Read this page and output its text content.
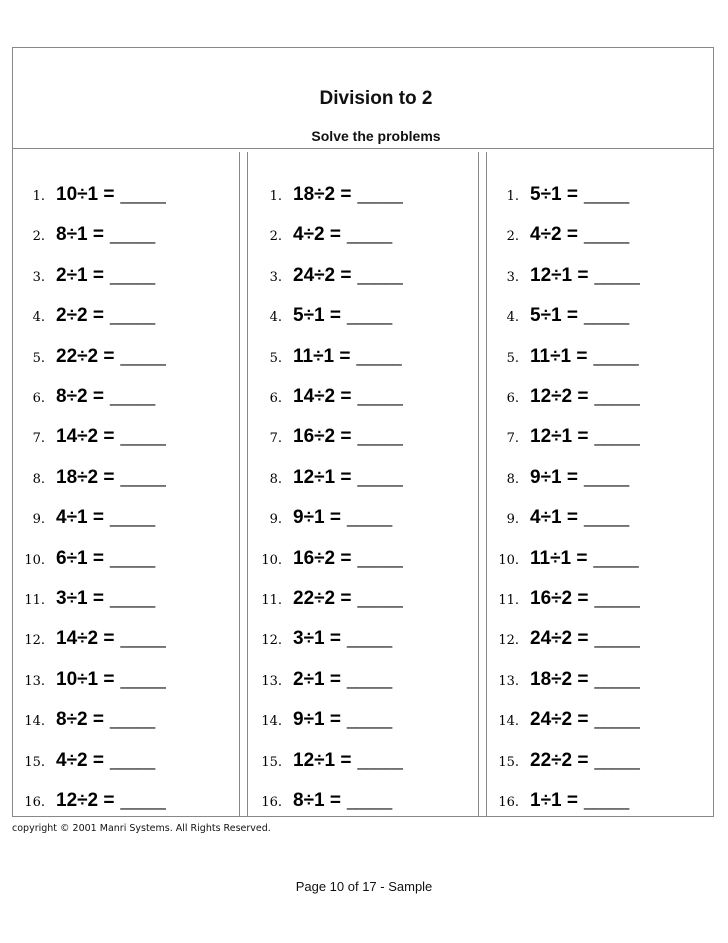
Division to 2
Solve the problems
1. 10÷1 = _____
2. 8÷1 = _____
3. 2÷1 = _____
4. 2÷2 = _____
5. 22÷2 = _____
6. 8÷2 = _____
7. 14÷2 = _____
8. 18÷2 = _____
9. 4÷1 = _____
10. 6÷1 = _____
11. 3÷1 = _____
12. 14÷2 = _____
13. 10÷1 = _____
14. 8÷2 = _____
15. 4÷2 = _____
16. 12÷2 = _____
1. 18÷2 = _____
2. 4÷2 = _____
3. 24÷2 = _____
4. 5÷1 = _____
5. 11÷1 = _____
6. 14÷2 = _____
7. 16÷2 = _____
8. 12÷1 = _____
9. 9÷1 = _____
10. 16÷2 = _____
11. 22÷2 = _____
12. 3÷1 = _____
13. 2÷1 = _____
14. 9÷1 = _____
15. 12÷1 = _____
16. 8÷1 = _____
1. 5÷1 = _____
2. 4÷2 = _____
3. 12÷1 = _____
4. 5÷1 = _____
5. 11÷1 = _____
6. 12÷2 = _____
7. 12÷1 = _____
8. 9÷1 = _____
9. 4÷1 = _____
10. 11÷1 = _____
11. 16÷2 = _____
12. 24÷2 = _____
13. 18÷2 = _____
14. 24÷2 = _____
15. 22÷2 = _____
16. 1÷1 = _____
copyright © 2001 Manri Systems. All Rights Reserved.
Page 10 of 17 - Sample
